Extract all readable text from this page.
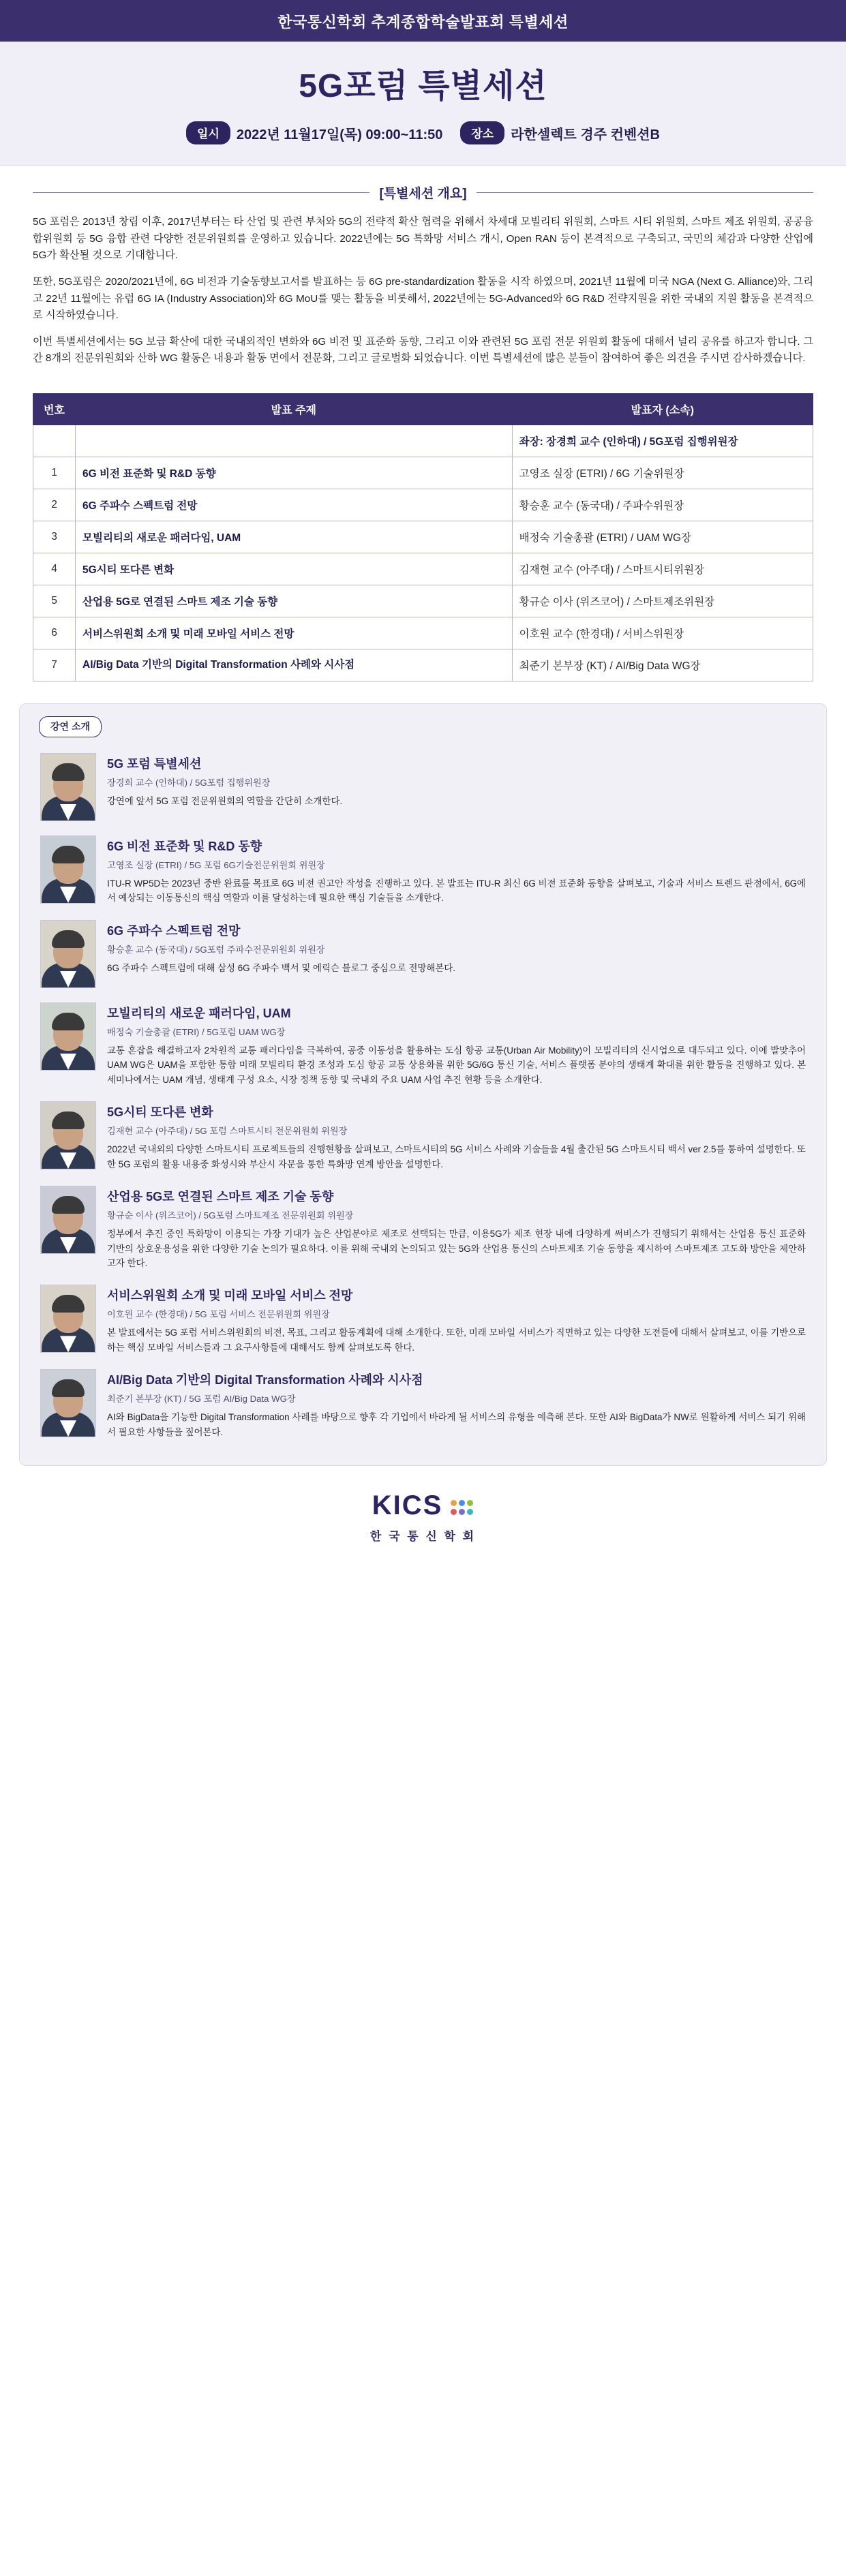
한국통신학회 추계종합학술발표회 특별세션
5G포럼 특별세션
일시	2022년 11월17일(목) 09:00~11:50	장소	라한셀렉트 경주 컨벤션B
[특별세션 개요]

5G 포럼은 2013년 창립 이후, 2017년부터는 타 산업 및 관련 부처와 5G의 전략적 확산 협력을 위해서 차세대 모빌리티 위원회, 스마트 시티 위원회, 스마트 제조 위원회, 공공융합위원회 등 5G 융합 관련 다양한 전문위원회를 운영하고 있습니다. 2022년에는 5G 특화망 서비스 개시, Open RAN 등이 본격적으로 구축되고, 국민의 체감과 다양한 산업에 5G가 확산될 것으로 기대합니다.

또한, 5G포럼은 2020/2021년에, 6G 비전과 기술동향보고서를 발표하는 등 6G pre-standardization 활동을 시작 하였으며, 2021년 11월에 미국 NGA (Next G. Alliance)와, 그리고 22년 11월에는 유럽 6G IA (Industry Association)와 6G MoU를 맺는 활동을 비롯해서, 2022년에는 5G-Advanced와 6G R&D 전략지원을 위한 국내외 지원 활동을 본격적으로 시작하였습니다.

이번 특별세션에서는 5G 보급 확산에 대한 국내외적인 변화와 6G 비전 및 표준화 동향, 그리고 이와 관련된 5G 포럼 전문 위원회 활동에 대해서 널리 공유를 하고자 합니다. 그간 8개의 전문위원회와 산하 WG 활동은 내용과 활동 면에서 전문화, 그리고 글로벌화 되었습니다. 이번 특별세션에 많은 분들이 참여하여 좋은 의견을 주시면 감사하겠습니다.

번호	발표 주제	발표자 (소속)
		좌장: 장경희 교수 (인하대) / 5G포럼 집행위원장
1	6G 비전 표준화 및 R&D 동향	고영조 실장 (ETRI) / 6G 기술위원장
2	6G 주파수 스펙트럼 전망	황승훈 교수 (동국대) / 주파수위원장
3	모빌리티의 새로운 패러다임, UAM	배정숙 기술총괄 (ETRI) / UAM WG장
4	5G시티 또다른 변화	김재현 교수 (아주대) / 스마트시티위원장
5	산업용 5G로 연결된 스마트 제조 기술 동향	황규순 이사 (위즈코어) / 스마트제조위원장
6	서비스위원회 소개 및 미래 모바일 서비스 전망	이호원 교수 (한경대) / 서비스위원장
7	AI/Big Data 기반의 Digital Transformation 사례와 시사점	최준기 본부장 (KT) / AI/Big Data WG장
강연 소개
5G 포럼 특별세션
장경희 교수 (인하대) / 5G포럼 집행위원장

강연에 앞서 5G 포럼 전문위원회의 역할을 간단히 소개한다.

6G 비전 표준화 및 R&D 동향
고영조 실장 (ETRI) / 5G 포럼 6G기술전문위원회 위원장

ITU-R WP5D는 2023년 중반 완료를 목표로 6G 비전 권고안 작성을 진행하고 있다. 본 발표는 ITU-R 최신 6G 비전 표준화 동향을 살펴보고, 기술과 서비스 트렌드 관점에서, 6G에서 예상되는 이동통신의 핵심 역할과 이를 달성하는데 필요한 핵심 기술들을 소개한다.

6G 주파수 스펙트럼 전망
황승훈 교수 (동국대) / 5G포럼 주파수전문위원회 위원장

6G 주파수 스펙트럼에 대해 삼성 6G 주파수 백서 및 에릭슨 블로그 중심으로 전망해본다.

모빌리티의 새로운 패러다임, UAM
배정숙 기술총괄 (ETRI) / 5G포럼 UAM WG장

교통 혼잡을 해결하고자 2차원적 교통 패러다임을 극복하여, 공중 이동성을 활용하는 도심 항공 교통(Urban Air Mobility)이 모빌리티의 신시업으로 대두되고 있다. 이에 발맞추어 UAM WG은 UAM을 포함한 통합 미래 모빌리티 환경 조성과 도심 항공 교통 상용화를 위한 5G/6G 통신 기술, 서비스 플랫폼 분야의 생태계 확대를 위한 활동을 진행하고 있다. 본 세미나에서는 UAM 개념, 생태계 구성 요소, 시장 정책 동향 및 국내외 주요 UAM 사업 추진 현황 등을 소개한다.

5G시티 또다른 변화
김재현 교수 (아주대) / 5G 포럼 스마트시티 전문위원회 위원장

2022년 국내외의 다양한 스마트시티 프로젝트들의 진행현황을 살펴보고, 스마트시티의 5G 서비스 사례와 기술들을 4월 출간된 5G 스마트시티 백서 ver 2.5를 통하여 설명한다. 또한 5G 포럼의 활용 내용중 화성시와 부산시 자문을 통한 특화망 연계 방안을 설명한다.

산업용 5G로 연결된 스마트 제조 기술 동향
황규순 이사 (위즈코어) / 5G포럼 스마트제조 전문위원회 위원장

정부에서 추진 중인 특화망이 이용되는 가장 기대가 높은 산업분야로 제조로 선택되는 만큼, 이용5G가 제조 현장 내에 다양하게 써비스가 진행되기 위해서는 산업용 통신 표준화 기반의 상호운용성을 위한 다양한 기술 논의가 필요하다. 이를 위해 국내외 논의되고 있는 5G와 산업용 통신의 스마트제조 기술 동향을 제시하여 스마트제조 고도화 방안을 제안하고자 한다.

서비스위원회 소개 및 미래 모바일 서비스 전망
이호원 교수 (한경대) / 5G 포럼 서비스 전문위원회 위원장

본 발표에서는 5G 포럼 서비스위원회의 비전, 목표, 그리고 활동계획에 대해 소개한다. 또한, 미래 모바일 서비스가 직면하고 있는 다양한 도전들에 대해서 살펴보고, 이를 기반으로 하는 핵심 모바일 서비스들과 그 요구사항들에 대해서도 함께 살펴보도록 한다.

AI/Big Data 기반의 Digital Transformation 사례와 시사점
최준기 본부장 (KT) / 5G 포럼 AI/Big Data WG장

AI와 BigData을 기능한 Digital Transformation 사례를 바탕으로 향후 각 기업에서 바라게 될 서비스의 유형을 예측해 본다. 또한 AI와 BigData가 NW로 원활하게 서비스 되기 위해서 필요한 사항들을 짚어본다.

KICS
한 국 통 신 학 회
